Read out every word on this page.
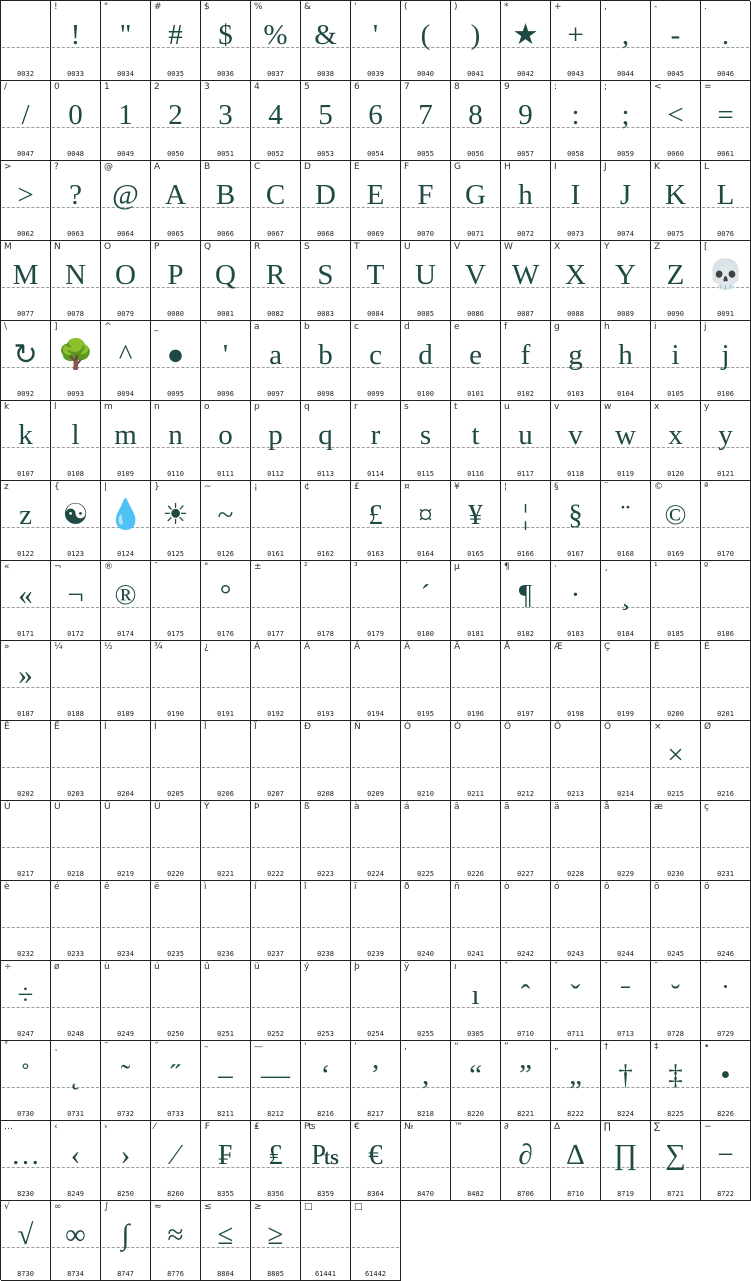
0032
!
!
0033
"
"
0034
#
#
0035
$
$
0036
%
%
0037
&
&
0038
'
'
0039
(
(
0040
)
)
0041
*
★
0042
+
+
0043
,
,
0044
-
-
0045
.
.
0046
/
/
0047
0
0
0048
1
1
0049
2
2
0050
3
3
0051
4
4
0052
5
5
0053
6
6
0054
7
7
0055
8
8
0056
9
9
0057
:
:
0058
;
;
0059
<
<
0060
=
=
0061
>
>
0062
?
?
0063
@
@
0064
A
A
0065
B
B
0066
C
C
0067
D
D
0068
E
E
0069
F
F
0070
G
G
0071
H
h
0072
I
I
0073
J
J
0074
K
K
0075
L
L
0076
M
M
0077
N
N
0078
O
O
0079
P
P
0080
Q
Q
0081
R
R
0082
S
S
0083
T
T
0084
U
U
0085
V
V
0086
W
W
0087
X
X
0088
Y
Y
0089
Z
Z
0090
[
💀
0091
\
↻
0092
]
🌳
0093
^
^
0094
_
●
0095
`
'
0096
a
a
0097
b
b
0098
c
c
0099
d
d
0100
e
e
0101
f
f
0102
g
g
0103
h
h
0104
i
i
0105
j
j
0106
k
k
0107
l
l
0108
m
m
0109
n
n
0110
o
o
0111
p
p
0112
q
q
0113
r
r
0114
s
s
0115
t
t
0116
u
u
0117
v
v
0118
w
w
0119
x
x
0120
y
y
0121
z
z
0122
{
☯
0123
|
💧
0124
}
☀
0125
~
~
0126
¡
0161
¢
0162
£
£
0163
¤
¤
0164
¥
¥
0165
¦
¦
0166
§
§
0167
¨
¨
0168
©
©
0169
ª
0170
«
«
0171
¬
¬
0172
®
®
0174
¯
0175
°
°
0176
±
0177
²
0178
³
0179
´
´
0180
µ
0181
¶
¶
0182
·
·
0183
¸
¸
0184
¹
0185
º
0186
»
»
0187
¼
0188
½
0189
¾
0190
¿
0191
À
0192
Á
0193
Â
0194
Ã
0195
Ä
0196
Å
0197
Æ
0198
Ç
0199
È
0200
É
0201
Ê
0202
Ë
0203
Ì
0204
Í
0205
Î
0206
Ï
0207
Ð
0208
Ñ
0209
Ò
0210
Ó
0211
Ô
0212
Õ
0213
Ö
0214
×
×
0215
Ø
0216
Ù
0217
Ú
0218
Û
0219
Ü
0220
Ý
0221
Þ
0222
ß
0223
à
0224
á
0225
â
0226
ã
0227
ä
0228
å
0229
æ
0230
ç
0231
è
0232
é
0233
ê
0234
ë
0235
ì
0236
í
0237
î
0238
ï
0239
ð
0240
ñ
0241
ò
0242
ó
0243
ô
0244
õ
0245
ö
0246
÷
÷
0247
ø
0248
ù
0249
ú
0250
û
0251
ü
0252
ý
0253
þ
0254
ÿ
0255
ı
ı
0305
ˆ
ˆ
0710
ˇ
ˇ
0711
ˉ
ˉ
0713
˘
˘
0728
˙
˙
0729
˚
˚
0730
˛
˛
0731
˜
˜
0732
˝
˝
0733
–
–
8211
—
—
8212
‘
‘
8216
’
’
8217
‚
‚
8218
“
“
8220
”
”
8221
„
„
8222
†
†
8224
‡
‡
8225
•
•
8226
…
…
8230
‹
‹
8249
›
›
8250
⁄
⁄
8260
₣
₣
8355
₤
₤
8356
₧
₧
8359
€
€
8364
№
8470
™
8482
∂
∂
8706
∆
∆
8710
∏
∏
8719
∑
∑
8721
−
−
8722
√
√
8730
∞
∞
8734
∫
∫
8747
≈
≈
8776
≤
≤
8804
≥
≥
8805
□
61441
□
61442
